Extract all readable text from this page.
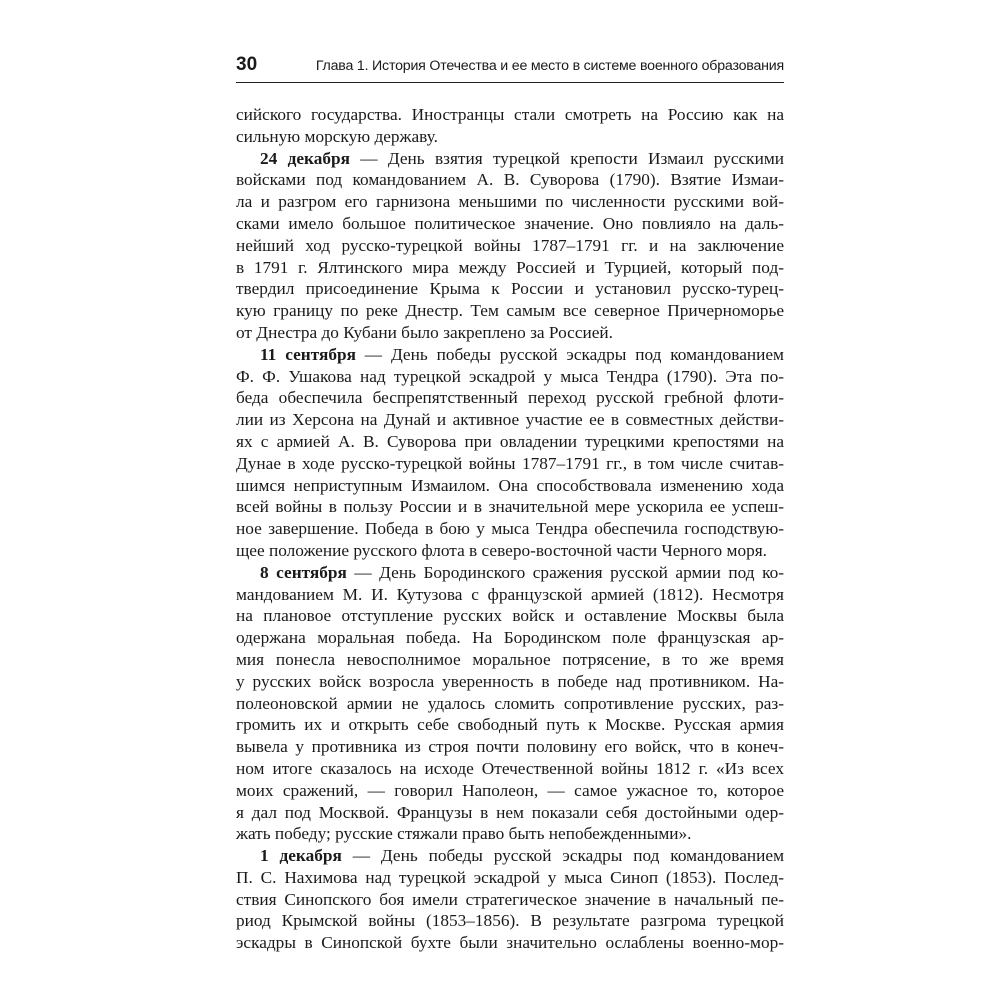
30	Глава 1. История Отечества и ее место в системе военного образования
сийского государства. Иностранцы стали смотреть на Россию как на
сильную морскую державу.
24 декабря — День взятия турецкой крепости Измаил русскими
войсками под командованием А. В. Суворова (1790). Взятие Измаи-
ла и разгром его гарнизона меньшими по численности русскими вой-
сками имело большое политическое значение. Оно повлияло на даль-
нейший ход русско-турецкой войны 1787–1791 гг. и на заключение
в 1791 г. Ялтинского мира между Россией и Турцией, который под-
твердил присоединение Крыма к России и установил русско-турец-
кую границу по реке Днестр. Тем самым все северное Причерноморье
от Днестра до Кубани было закреплено за Россией.
11 сентября — День победы русской эскадры под командованием
Ф. Ф. Ушакова над турецкой эскадрой у мыса Тендра (1790). Эта по-
беда обеспечила беспрепятственный переход русской гребной флоти-
лии из Херсона на Дунай и активное участие ее в совместных действи-
ях с армией А. В. Суворова при овладении турецкими крепостями на
Дунае в ходе русско-турецкой войны 1787–1791 гг., в том числе считав-
шимся неприступным Измаилом. Она способствовала изменению хода
всей войны в пользу России и в значительной мере ускорила ее успеш-
ное завершение. Победа в бою у мыса Тендра обеспечила господствую-
щее положение русского флота в северо-восточной части Черного моря.
8 сентября — День Бородинского сражения русской армии под ко-
мандованием М. И. Кутузова с французской армией (1812). Несмотря
на плановое отступление русских войск и оставление Москвы была
одержана моральная победа. На Бородинском поле французская ар-
мия понесла невосполнимое моральное потрясение, в то же время
у русских войск возросла уверенность в победе над противником. На-
полеоновской армии не удалось сломить сопротивление русских, раз-
громить их и открыть себе свободный путь к Москве. Русская армия
вывела у противника из строя почти половину его войск, что в конеч-
ном итоге сказалось на исходе Отечественной войны 1812 г. «Из всех
моих сражений, — говорил Наполеон, — самое ужасное то, которое
я дал под Москвой. Французы в нем показали себя достойными одер-
жать победу; русские стяжали право быть непобежденными».
1 декабря — День победы русской эскадры под командованием
П. С. Нахимова над турецкой эскадрой у мыса Синоп (1853). Послед-
ствия Синопского боя имели стратегическое значение в начальный пе-
риод Крымской войны (1853–1856). В результате разгрома турецкой
эскадры в Синопской бухте были значительно ослаблены военно-мор-
